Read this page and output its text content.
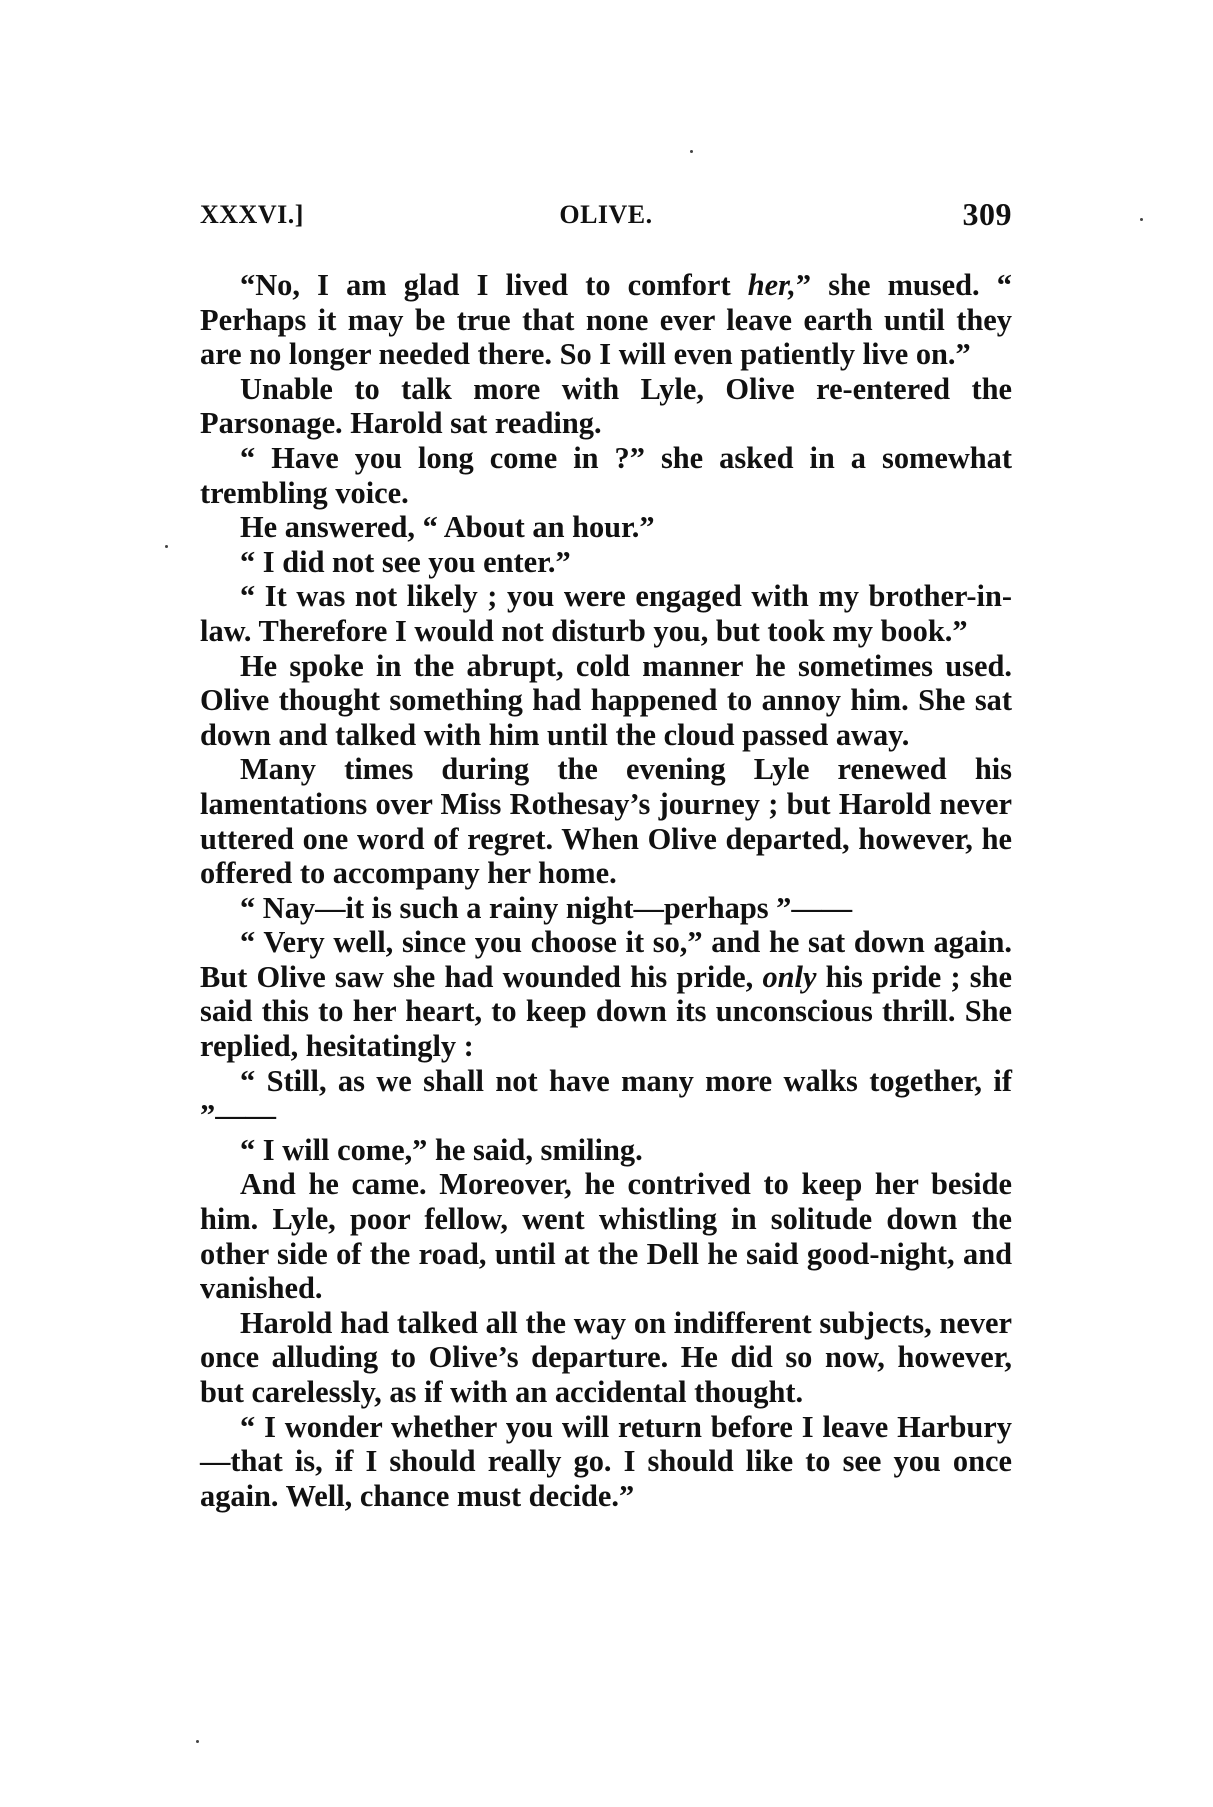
XXXVI.]	OLIVE.	309

“No, I am glad I lived to comfort her,” she mused. “ Perhaps it may be true that none ever leave earth until they are no longer needed there. So I will even patiently live on.”

Unable to talk more with Lyle, Olive re-entered the Parsonage. Harold sat reading.

“ Have you long come in ?” she asked in a somewhat trembling voice.

He answered, “ About an hour.”

“ I did not see you enter.”

“ It was not likely ; you were engaged with my brother-in-law. Therefore I would not disturb you, but took my book.”

He spoke in the abrupt, cold manner he sometimes used. Olive thought something had happened to annoy him. She sat down and talked with him until the cloud passed away.

Many times during the evening Lyle renewed his lamentations over Miss Rothesay’s journey ; but Harold never uttered one word of regret. When Olive departed, however, he offered to accompany her home.

“ Nay—it is such a rainy night—perhaps ”——

“ Very well, since you choose it so,” and he sat down again. But Olive saw she had wounded his pride, only his pride ; she said this to her heart, to keep down its unconscious thrill. She replied, hesitatingly :

“ Still, as we shall not have many more walks together, if ”——

“ I will come,” he said, smiling.

And he came. Moreover, he contrived to keep her beside him. Lyle, poor fellow, went whistling in solitude down the other side of the road, until at the Dell he said good-night, and vanished.

Harold had talked all the way on indifferent subjects, never once alluding to Olive’s departure. He did so now, however, but carelessly, as if with an accidental thought.

“ I wonder whether you will return before I leave Harbury—that is, if I should really go. I should like to see you once again. Well, chance must decide.”
